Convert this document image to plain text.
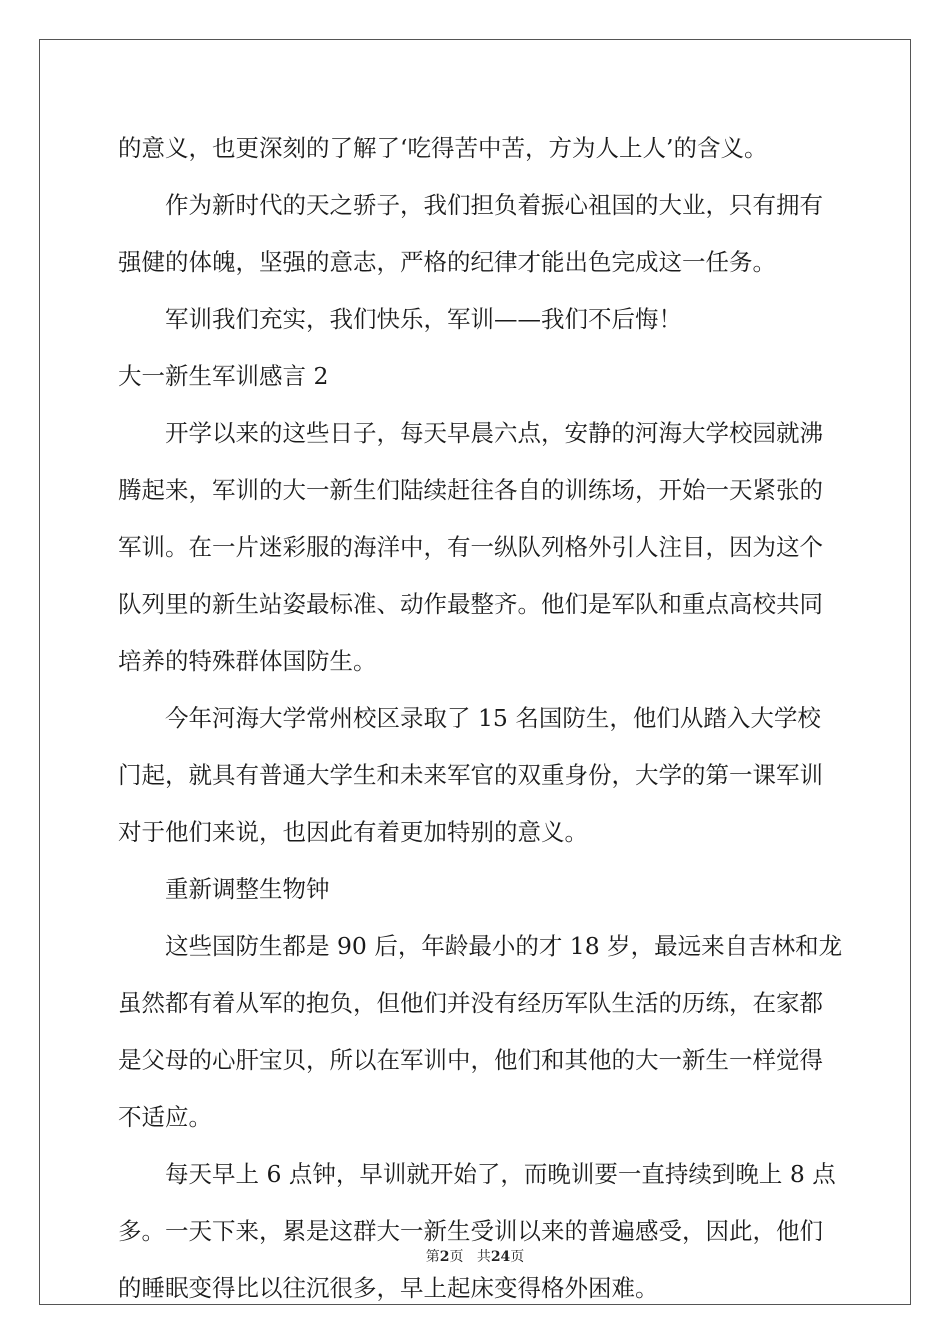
的意义，也更深刻的了解了‘吃得苦中苦，方为人上人’的含义。
作为新时代的天之骄子，我们担负着振心祖国的大业，只有拥有
强健的体魄，坚强的意志，严格的纪律才能出色完成这一任务。
军训我们充实，我们快乐，军训——我们不后悔！
大一新生军训感言 2
开学以来的这些日子，每天早晨六点，安静的河海大学校园就沸
腾起来，军训的大一新生们陆续赶往各自的训练场，开始一天紧张的
军训。在一片迷彩服的海洋中，有一纵队列格外引人注目，因为这个
队列里的新生站姿最标准、动作最整齐。他们是军队和重点高校共同
培养的特殊群体国防生。
今年河海大学常州校区录取了 15 名国防生，他们从踏入大学校
门起，就具有普通大学生和未来军官的双重身份，大学的第一课军训
对于他们来说，也因此有着更加特别的意义。
重新调整生物钟
这些国防生都是 90 后，年龄最小的才 18 岁，最远来自吉林和龙
虽然都有着从军的抱负，但他们并没有经历军队生活的历练，在家都
是父母的心肝宝贝，所以在军训中，他们和其他的大一新生一样觉得
不适应。
每天早上 6 点钟，早训就开始了，而晚训要一直持续到晚上 8 点
多。一天下来，累是这群大一新生受训以来的普遍感受，因此，他们
的睡眠变得比以往沉很多，早上起床变得格外困难。
第2页 共24页
